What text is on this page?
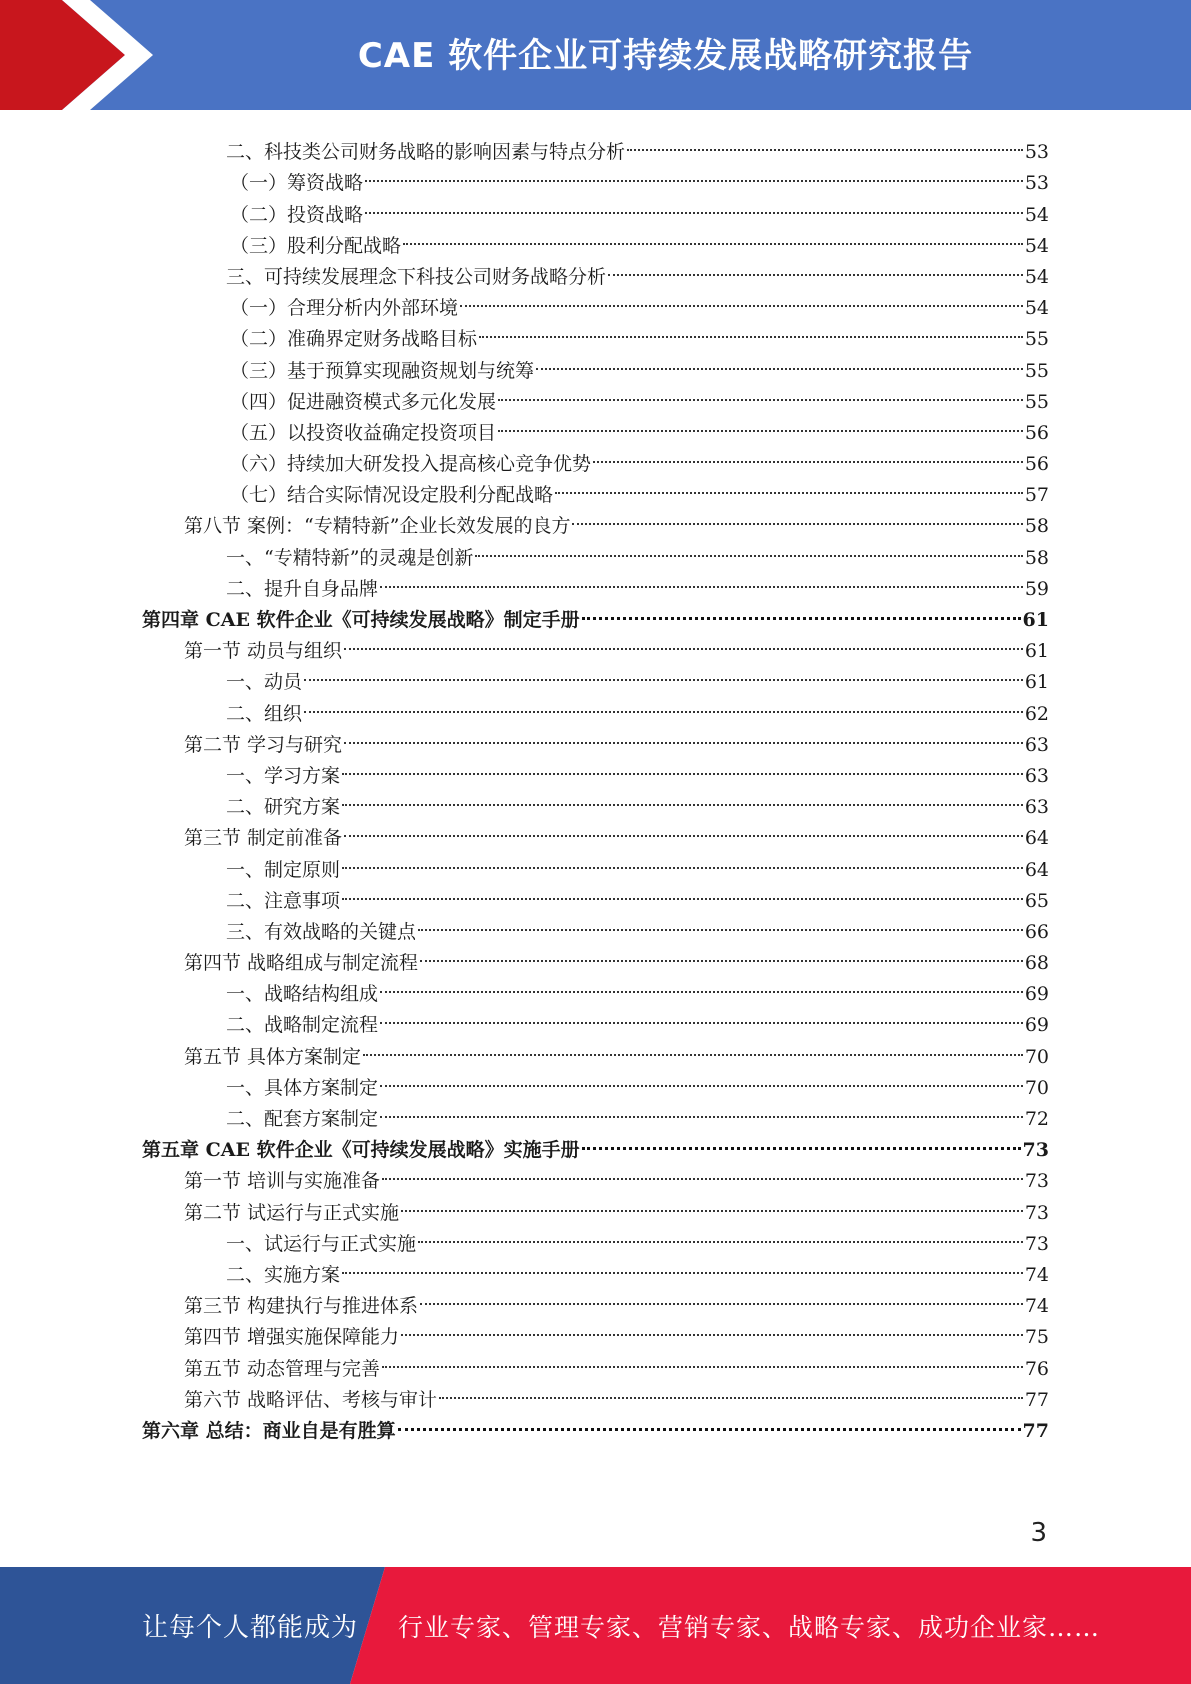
CAE 软件企业可持续发展战略研究报告
二、科技类公司财务战略的影响因素与特点分析	53
（一）筹资战略	53
（二）投资战略	54
（三）股利分配战略	54
三、可持续发展理念下科技公司财务战略分析	54
（一）合理分析内外部环境	54
（二）准确界定财务战略目标	55
（三）基于预算实现融资规划与统筹	55
（四）促进融资模式多元化发展	55
（五）以投资收益确定投资项目	56
（六）持续加大研发投入提高核心竞争优势	56
（七）结合实际情况设定股利分配战略	57
第八节 案例：“专精特新”企业长效发展的良方	58
一、“专精特新”的灵魂是创新	58
二、提升自身品牌	59
第四章 CAE 软件企业《可持续发展战略》制定手册	61
第一节 动员与组织	61
一、动员	61
二、组织	62
第二节 学习与研究	63
一、学习方案	63
二、研究方案	63
第三节 制定前准备	64
一、制定原则	64
二、注意事项	65
三、有效战略的关键点	66
第四节 战略组成与制定流程	68
一、战略结构组成	69
二、战略制定流程	69
第五节 具体方案制定	70
一、具体方案制定	70
二、配套方案制定	72
第五章 CAE 软件企业《可持续发展战略》实施手册	73
第一节 培训与实施准备	73
第二节 试运行与正式实施	73
一、试运行与正式实施	73
二、实施方案	74
第三节 构建执行与推进体系	74
第四节 增强实施保障能力	75
第五节 动态管理与完善	76
第六节 战略评估、考核与审计	77
第六章 总结：商业自是有胜算	77
3
让每个人都能成为 行业专家、管理专家、营销专家、战略专家、成功企业家……
